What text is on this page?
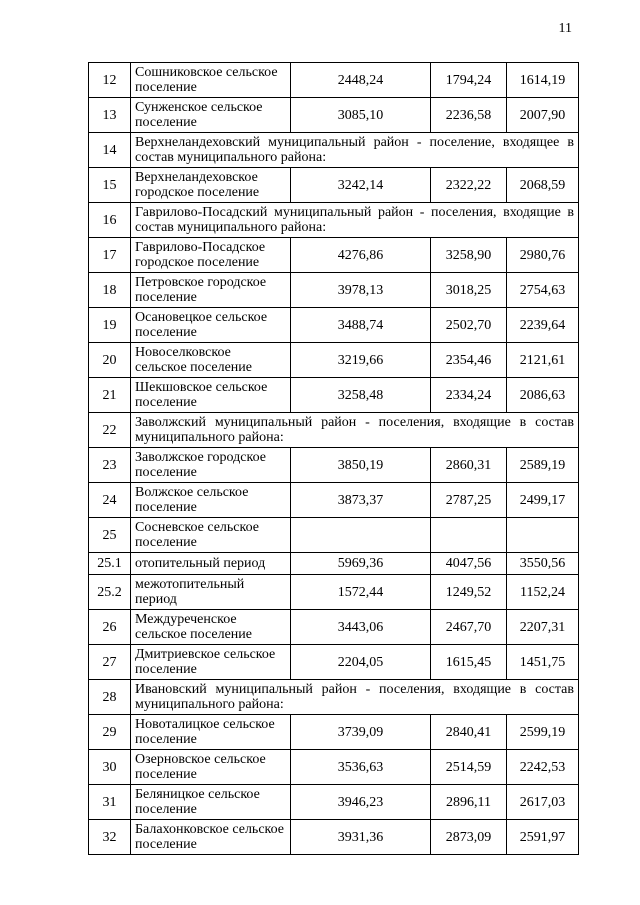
11
12	Сошниковское сельское поселение	2448,24	1794,24	1614,19
13	Сунженское сельское поселение	3085,10	2236,58	2007,90
14	Верхнеландеховский муниципальный район - поселение, входящее в состав муниципального района:			
15	Верхнеландеховское городское поселение	3242,14	2322,22	2068,59
16	Гаврилово-Посадский муниципальный район - поселения, входящие в состав муниципального района:			
17	Гаврилово-Посадское городское поселение	4276,86	3258,90	2980,76
18	Петровское городское поселение	3978,13	3018,25	2754,63
19	Осановецкое сельское поселение	3488,74	2502,70	2239,64
20	Новоселковское сельское поселение	3219,66	2354,46	2121,61
21	Шекшовское сельское поселение	3258,48	2334,24	2086,63
22	Заволжский муниципальный район - поселения, входящие в состав муниципального района:			
23	Заволжское городское поселение	3850,19	2860,31	2589,19
24	Волжское сельское поселение	3873,37	2787,25	2499,17
25	Сосневское сельское поселение			
25.1	отопительный период	5969,36	4047,56	3550,56
25.2	межотопительный период	1572,44	1249,52	1152,24
26	Междуреченское сельское поселение	3443,06	2467,70	2207,31
27	Дмитриевское сельское поселение	2204,05	1615,45	1451,75
28	Ивановский муниципальный район - поселения, входящие в состав муниципального района:			
29	Новоталицкое сельское поселение	3739,09	2840,41	2599,19
30	Озерновское сельское поселение	3536,63	2514,59	2242,53
31	Беляницкое сельское поселение	3946,23	2896,11	2617,03
32	Балахонковское сельское поселение	3931,36	2873,09	2591,97
